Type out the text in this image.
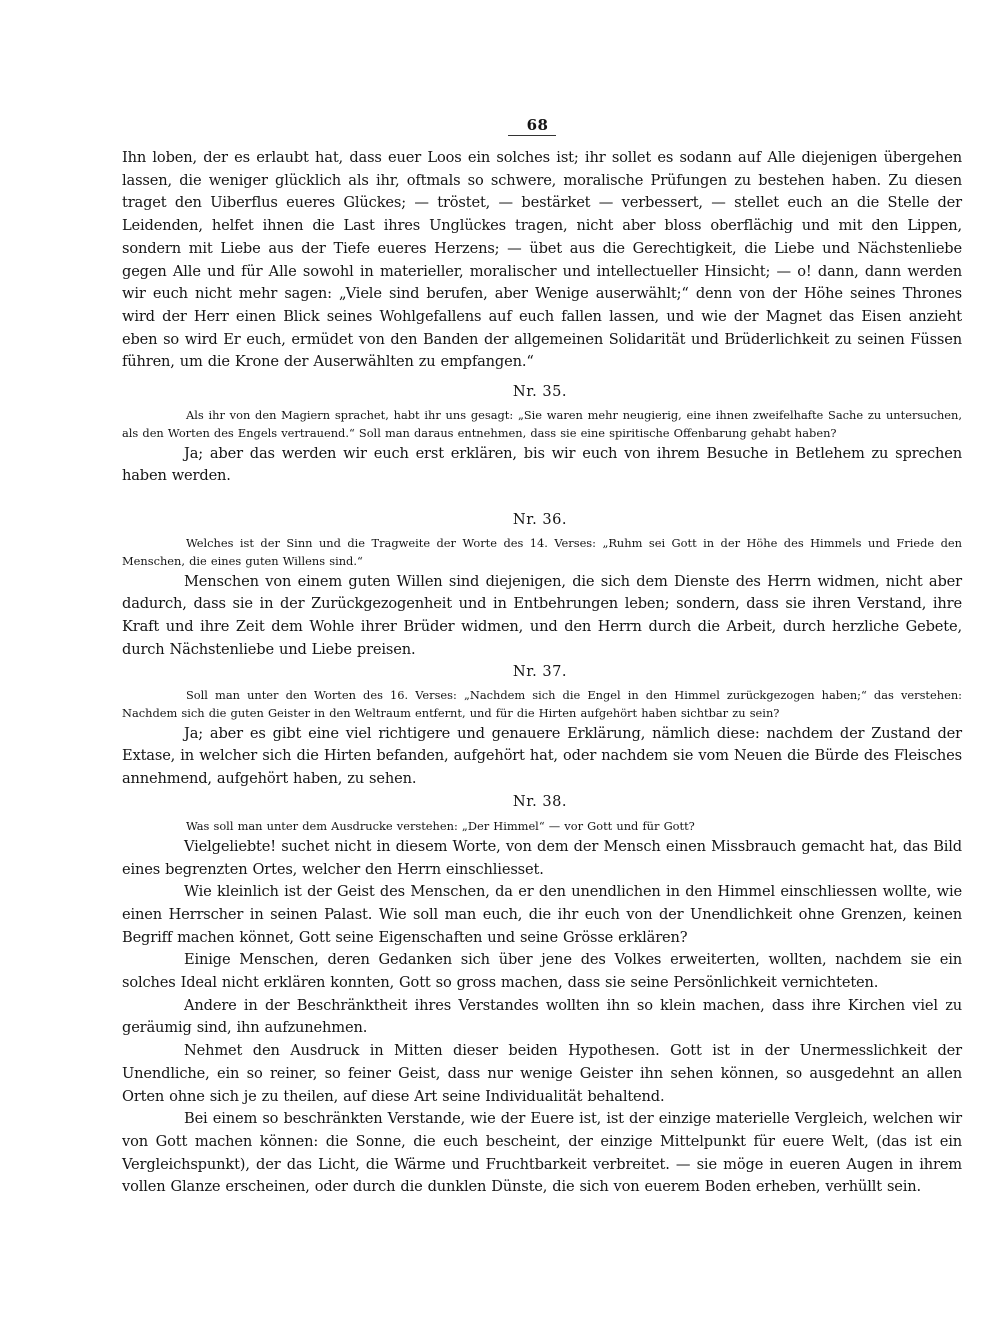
68

Ihn loben, der es erlaubt hat, dass euer Loos ein solches ist; ihr sollet es sodann auf Alle diejenigen übergehen lassen, die weniger glücklich als ihr, oftmals so schwere, moralische Prüfungen zu bestehen haben. Zu diesen traget den Uiberflus eueres Glückes; — tröstet, — bestärket — verbessert, — stellet euch an die Stelle der Leidenden, helfet ihnen die Last ihres Unglückes tragen, nicht aber bloss oberflächig und mit den Lippen, sondern mit Liebe aus der Tiefe eueres Herzens; — übet aus die Gerechtigkeit, die Liebe und Nächstenliebe gegen Alle und für Alle sowohl in materieller, moralischer und intellectueller Hinsicht; — o! dann, dann werden wir euch nicht mehr sagen: „Viele sind berufen, aber Wenige auserwählt;“ denn von der Höhe seines Thrones wird der Herr einen Blick seines Wohlgefallens auf euch fallen lassen, und wie der Magnet das Eisen anzieht eben so wird Er euch, ermüdet von den Banden der allgemeinen Solidarität und Brüderlichkeit zu seinen Füssen führen, um die Krone der Auserwählten zu empfangen.“

Nr. 35.

Als ihr von den Magiern sprachet, habt ihr uns gesagt: „Sie waren mehr neugierig, eine ihnen zweifelhafte Sache zu untersuchen, als den Worten des Engels vertrauend.“ Soll man daraus entnehmen, dass sie eine spiritische Offenbarung gehabt haben?

Ja; aber das werden wir euch erst erklären, bis wir euch von ihrem Besuche in Betlehem zu sprechen haben werden.

Nr. 36.

Welches ist der Sinn und die Tragweite der Worte des 14. Verses: „Ruhm sei Gott in der Höhe des Himmels und Friede den Menschen, die eines guten Willens sind.“

Menschen von einem guten Willen sind diejenigen, die sich dem Dienste des Herrn widmen, nicht aber dadurch, dass sie in der Zurückgezogenheit und in Entbehrungen leben; sondern, dass sie ihren Verstand, ihre Kraft und ihre Zeit dem Wohle ihrer Brüder widmen, und den Herrn durch die Arbeit, durch herzliche Gebete, durch Nächstenliebe und Liebe preisen.

Nr. 37.

Soll man unter den Worten des 16. Verses: „Nachdem sich die Engel in den Himmel zurückgezogen haben;“ das verstehen: Nachdem sich die guten Geister in den Weltraum entfernt, und für die Hirten aufgehört haben sichtbar zu sein?

Ja; aber es gibt eine viel richtigere und genauere Erklärung, nämlich diese: nachdem der Zustand der Extase, in welcher sich die Hirten befanden, aufgehört hat, oder nachdem sie vom Neuen die Bürde des Fleisches annehmend, aufgehört haben, zu sehen.

Nr. 38.

Was soll man unter dem Ausdrucke verstehen: „Der Himmel“ — vor Gott und für Gott?

Vielgeliebte! suchet nicht in diesem Worte, von dem der Mensch einen Missbrauch gemacht hat, das Bild eines begrenzten Ortes, welcher den Herrn einschliesset.

Wie kleinlich ist der Geist des Menschen, da er den unendlichen in den Himmel einschliessen wollte, wie einen Herrscher in seinen Palast. Wie soll man euch, die ihr euch von der Unendlichkeit ohne Grenzen, keinen Begriff machen könnet, Gott seine Eigenschaften und seine Grösse erklären?

Einige Menschen, deren Gedanken sich über jene des Volkes erweiterten, wollten, nachdem sie ein solches Ideal nicht erklären konnten, Gott so gross machen, dass sie seine Persönlichkeit vernichteten.

Andere in der Beschränktheit ihres Verstandes wollten ihn so klein machen, dass ihre Kirchen viel zu geräumig sind, ihn aufzunehmen.

Nehmet den Ausdruck in Mitten dieser beiden Hypothesen. Gott ist in der Unermesslichkeit der Unendliche, ein so reiner, so feiner Geist, dass nur wenige Geister ihn sehen können, so ausgedehnt an allen Orten ohne sich je zu theilen, auf diese Art seine Individualität behaltend.

Bei einem so beschränkten Verstande, wie der Euere ist, ist der einzige materielle Vergleich, welchen wir von Gott machen können: die Sonne, die euch bescheint, der einzige Mittelpunkt für euere Welt, (das ist ein Vergleichspunkt), der das Licht, die Wärme und Fruchtbarkeit verbreitet. — sie möge in eueren Augen in ihrem vollen Glanze erscheinen, oder durch die dunklen Dünste, die sich von euerem Boden erheben, verhüllt sein.
